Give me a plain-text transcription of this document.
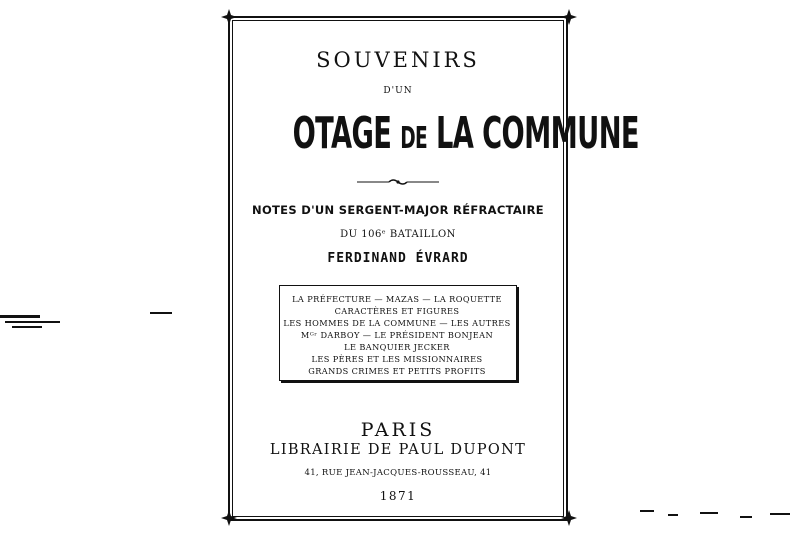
SOUVENIRS
D'UN
OTAGE DE LA COMMUNE
NOTES D'UN SERGENT-MAJOR RÉFRACTAIRE
DU 106ᵉ BATAILLON
FERDINAND ÉVRARD
LA PRÉFECTURE — MAZAS — LA ROQUETTE
CARACTÈRES ET FIGURES
LES HOMMES DE LA COMMUNE — LES AUTRES
Mᴳʳ DARBOY — LE PRÉSIDENT BONJEAN
LE BANQUIER JECKER
LES PÈRES ET LES MISSIONNAIRES
GRANDS CRIMES ET PETITS PROFITS
PARIS
LIBRAIRIE DE PAUL DUPONT
41, RUE JEAN-JACQUES-ROUSSEAU, 41
1871
